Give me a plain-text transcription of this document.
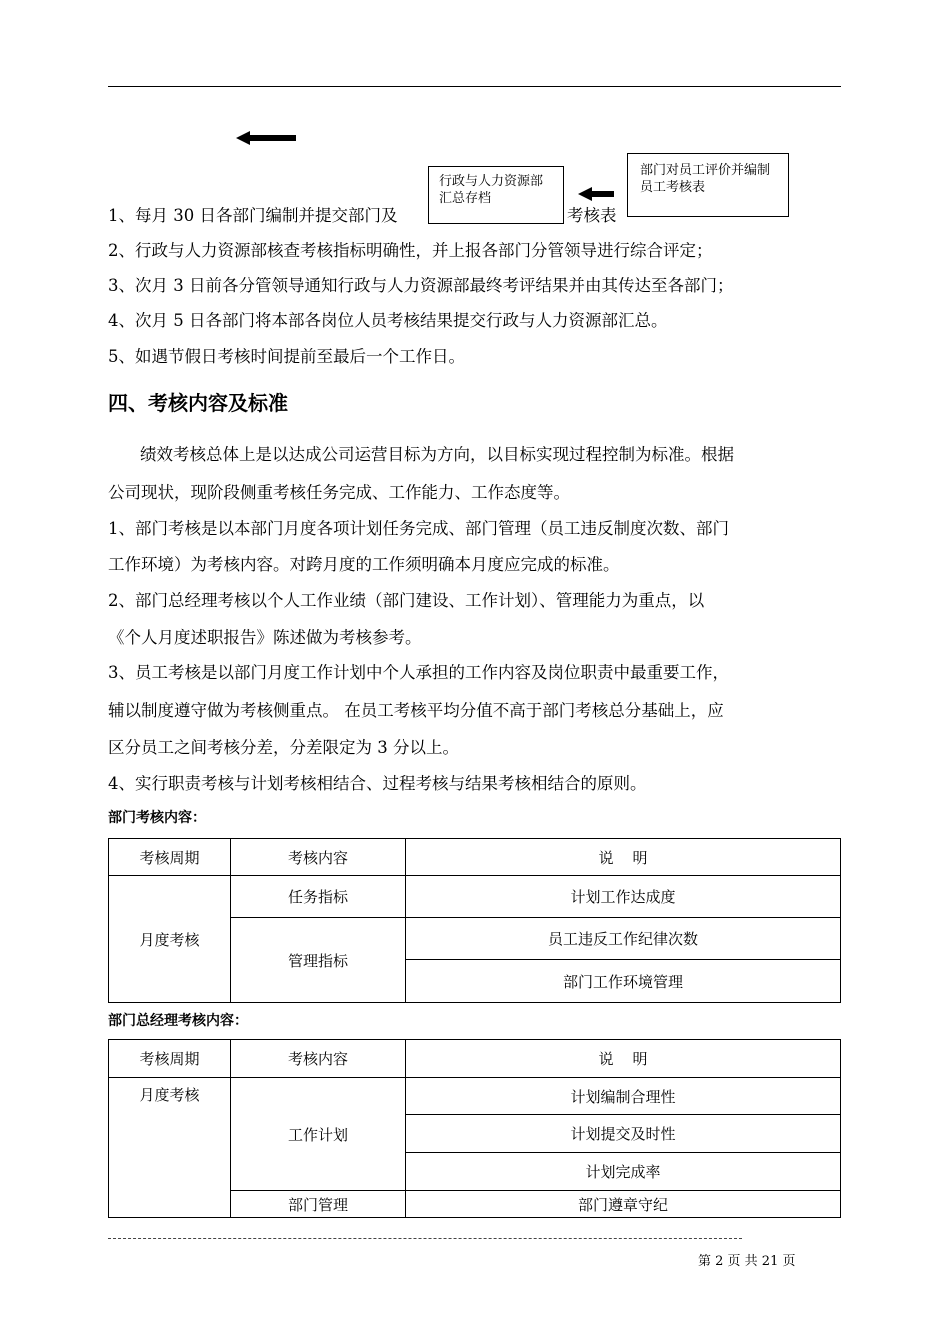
行政与人力资源部汇总存档
部门对员工评价并编制员工考核表
1、每月 30 日各部门编制并提交部门及	考核表
2、行政与人力资源部核查考核指标明确性，并上报各部门分管领导进行综合评定；
3、次月 3 日前各分管领导通知行政与人力资源部最终考评结果并由其传达至各部门；
4、次月 5 日各部门将本部各岗位人员考核结果提交行政与人力资源部汇总。
5、如遇节假日考核时间提前至最后一个工作日。
四、考核内容及标准
绩效考核总体上是以达成公司运营目标为方向，以目标实现过程控制为标准。根据
公司现状，现阶段侧重考核任务完成、工作能力、工作态度等。
1、部门考核是以本部门月度各项计划任务完成、部门管理（员工违反制度次数、部门
工作环境）为考核内容。对跨月度的工作须明确本月度应完成的标准。
2、部门总经理考核以个人工作业绩（部门建设、工作计划）、管理能力为重点，以
《个人月度述职报告》陈述做为考核参考。
3、员工考核是以部门月度工作计划中个人承担的工作内容及岗位职责中最重要工作，
辅以制度遵守做为考核侧重点。 在员工考核平均分值不高于部门考核总分基础上，应
区分员工之间考核分差，分差限定为 3 分以上。
4、实行职责考核与计划考核相结合、过程考核与结果考核相结合的原则。
部门考核内容：
考核周期	考核内容	说    明
月度考核	任务指标	计划工作达成度
	管理指标	员工违反工作纪律次数
		部门工作环境管理
部门总经理考核内容：
考核周期	考核内容	说    明
月度考核	工作计划	计划编制合理性
		计划提交及时性
		计划完成率
	部门管理	部门遵章守纪
第 2 页 共 21 页
